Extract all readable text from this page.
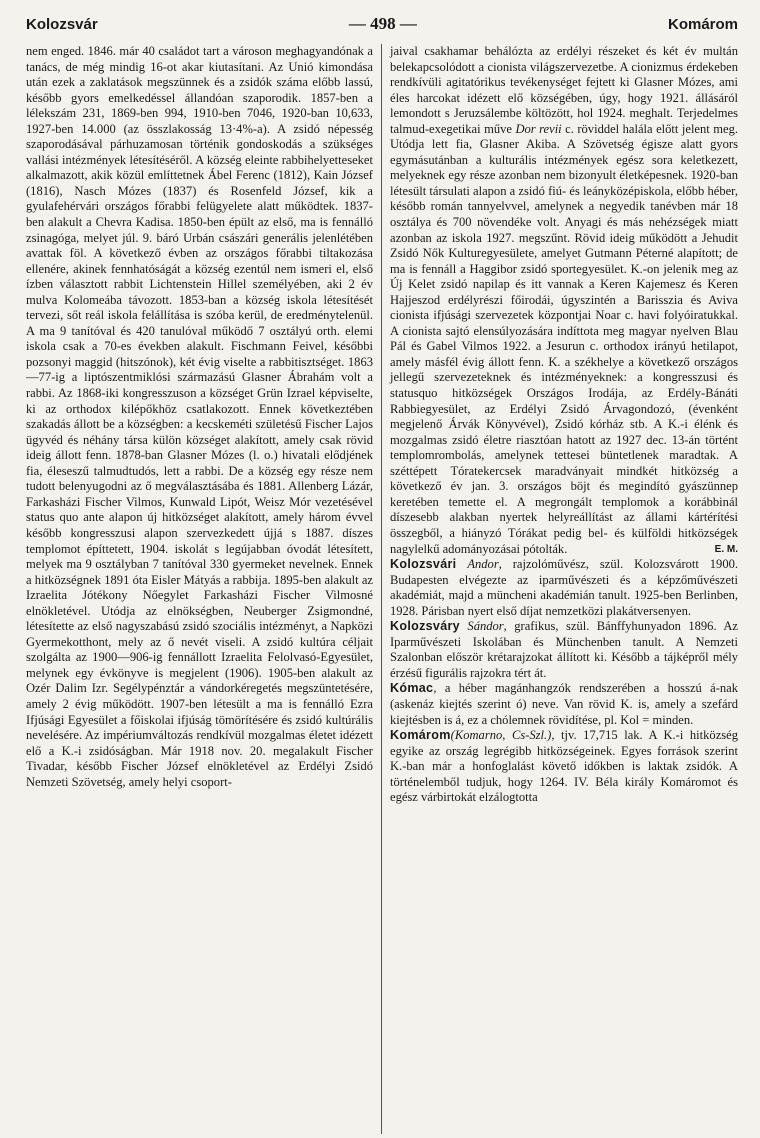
Kolozsvár	— 498 —	Komárom

nem enged. 1846. már 40 családot tart a városon meghagyandónak a tanács, de még mindig 16-ot akar kiutasítani. Az Unió kimondása után ezek a zaklatások megszünnek és a zsidók száma előbb lassú, később gyors emelkedéssel állandóan szaporodik. 1857-ben a lélekszám 231, 1869-ben 994, 1910-ben 7046, 1920-ban 10,633, 1927-ben 14.000 (az összlakosság 13·4%-a). A zsidó népesség szaporodásával párhuzamosan történik gondoskodás a szükséges vallási intézmények létesítéséről. A község eleinte rabbihelyetteseket alkalmazott, akik közül említtetnek Ábel Ferenc (1812), Kain József (1816), Nasch Mózes (1837) és Rosenfeld József, kik a gyulafehérvári országos főrabbi felügyelete alatt működtek. 1837-ben alakult a Chevra Kadisa. 1850-ben épült az első, ma is fennálló zsinagóga, melyet júl. 9. báró Urbán császári generális jelenlétében avattak föl. A következő évben az országos főrabbi tiltakozása ellenére, akinek fennhatóságát a község ezentúl nem ismeri el, első ízben választott rabbit Lichtenstein Hillel személyében, aki 2 év mulva Kolomeába távozott. 1853-ban a község iskola létesítését tervezi, sőt reál iskola felállítása is szóba kerül, de eredménytelenül. A ma 9 tanítóval és 420 tanulóval működő 7 osztályú orth. elemi iskola csak a 70-es években alakult. Fischmann Feivel, későbbi pozsonyi maggid (hitszónok), két évig viselte a rabbitisztséget. 1863—77-ig a liptószentmiklósi származású Glasner Ábrahám volt a rabbi. Az 1868-iki kongresszuson a községet Grün Izrael képviselte, ki az orthodox kilépőkhöz csatlakozott. Ennek következtében szakadás állott be a községben: a kecskeméti születésű Fischer Lajos ügyvéd és néhány társa külön községet alakított, amely csak rövid ideig állott fenn. 1878-ban Glasner Mózes (l. o.) hivatali elődjének fia, éleseszű talmudtudós, lett a rabbi. De a község egy része nem tudott belenyugodni az ő megválasztásába és 1881. Allenberg Lázár, Farkasházi Fischer Vilmos, Kunwald Lipót, Weisz Mór vezetésével status quo ante alapon új hitközséget alakított, amely három évvel később kongresszusi alapon szervezkedett újjá s 1887. díszes templomot építtetett, 1904. iskolát s legújabban óvodát létesített, melyek ma 9 osztályban 7 tanítóval 330 gyermeket nevelnek. Ennek a hitközségnek 1891 óta Eisler Mátyás a rabbija. 1895-ben alakult az Izraelita Jótékony Nőegylet Farkasházi Fischer Vilmosné elnökletével. Utódja az elnökségben, Neuberger Zsigmondné, létesítette az első nagyszabású zsidó szociális intézményt, a Napközi Gyermekotthont, mely az ő nevét viseli. A zsidó kultúra céljait szolgálta az 1900—906-ig fennállott Izraelita Felolvasó-Egyesület, melynek egy évkönyve is megjelent (1906). 1905-ben alakult az Ozér Dalim Izr. Segélypénztár a vándorkéregetés megszüntetésére, amely 2 évig működött. 1907-ben létesült a ma is fennálló Ezra Ifjúsági Egyesület a főiskolai ifjúság tömörítésére és zsidó kultúrális nevelésére. Az impériumváltozás rendkívül mozgalmas életet idézett elő a K.-i zsidóságban. Már 1918 nov. 20. megalakult Fischer Tivadar, később Fischer József elnökletével az Erdélyi Zsidó Nemzeti Szövetség, amely helyi csoport-

jaival csakhamar behálózta az erdélyi részeket és két év multán belekapcsolódott a cionista világszervezetbe. A cionizmus érdekeben rendkívüli agitatórikus tevékenységet fejtett ki Glasner Mózes, ami éles harcokat idézett elő községében, úgy, hogy 1921. állásáról lemondott s Jeruzsálembe költözött, hol 1924. meghalt. Terjedelmes talmud-exegetikai műve Dor revii c. röviddel halála előtt jelent meg. Utódja lett fia, Glasner Akiba. A Szövetség égisze alatt gyors egymásutánban a kulturális intézmények egész sora keletkezett, melyeknek egy része azonban nem bizonyult életképesnek. 1920-ban létesült társulati alapon a zsidó fiú- és leányközépiskola, előbb héber, később román tannyelvvel, amelynek a negyedik tanévben már 18 osztálya és 700 növendéke volt. Anyagi és más nehézségek miatt azonban az iskola 1927. megszűnt. Rövid ideig működött a Jehudit Zsidó Nők Kulturegyesülete, amelyet Gutmann Péterné alapított; de ma is fennáll a Haggibor zsidó sportegyesület. K.-on jelenik meg az Új Kelet zsidó napilap és itt vannak a Keren Kajemesz és Keren Hajjeszod erdélyrészi főirodái, úgyszintén a Barisszia és Aviva cionista ifjúsági szervezetek központjai Noar c. havi folyóiratukkal. A cionista sajtó elensúlyozására indíttota meg magyar nyelven Blau Pál és Gabel Vilmos 1922. a Jesurun c. orthodox irányú hetilapot, amely másfél évig állott fenn. K. a székhelye a következő országos jellegű szervezeteknek és intézményeknek: a kongresszusi és statusquo hitközségek Országos Irodája, az Erdély-Bánáti Rabbiegyesület, az Erdélyi Zsidó Árvagondozó, (évenként megjelenő Árvák Könyvével), Zsidó kórház stb. A K.-i élénk és mozgalmas zsidó életre riasztóan hatott az 1927 dec. 13-án történt templomrombolás, amelynek tettesei büntetlenek maradtak. A széttépett Tóratekercsek maradványait mindkét hitközség a következő év jan. 3. országos böjt és megindító gyászünnep keretében temette el. A megrongált templomok a korábbinál díszesebb alakban nyertek helyreállítást az állami kártérítési összegből, a hiányzó Tórákat pedig bel- és külföldi hitközségek nagylelkű adományozásai pótolták.	E. M.

Kolozsvári Andor, rajzolóművész, szül. Kolozsvárott 1900. Budapesten elvégezte az iparművészeti és a képzőművészeti akadémiát, majd a müncheni akadémián tanult. 1925-ben Berlinben, 1928. Párisban nyert első díjat nemzetközi plakátversenyen.

Kolozsváry Sándor, grafikus, szül. Bánffyhunyadon 1896. Az Iparművészeti Iskolában és Münchenben tanult. A Nemzeti Szalonban először krétarajzokat állított ki. Később a tájképről mély érzésű figurális rajzokra tért át.

Kómac, a héber magánhangzók rendszerében a hosszú á-nak (askenáz kiejtés szerint ó) neve. Van rövid K. is, amely a szefárd kiejtésben is á, ez a chólemnek rövidítése, pl. Kol = minden.

Komárom(Komarno, Cs-Szl.), tjv. 17,715 lak. A K.-i hitközség egyike az ország legrégibb hitközségeinek. Egyes források szerint K.-ban már a honfoglalást követő időkben is laktak zsidók. A történelemből tudjuk, hogy 1264. IV. Béla király Komáromot és egész várbirtokát elzálogtotta
